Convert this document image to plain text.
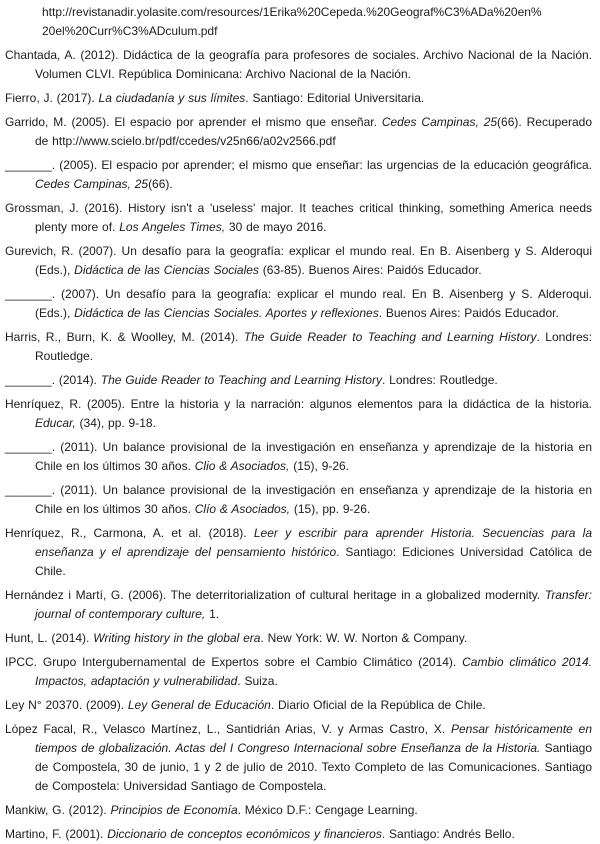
http://revistanadir.yolasite.com/resources/1Erika%20Cepeda.%20Geograf%C3%ADa%20en%
20el%20Curr%C3%ADculum.pdf

Chantada, A. (2012). Didáctica de la geografía para profesores de sociales. Archivo Nacional de la Nación. Volumen CLVI. República Dominicana: Archivo Nacional de la Nación.

Fierro, J. (2017). La ciudadanía y sus límites. Santiago: Editorial Universitaria.

Garrido, M. (2005). El espacio por aprender el mismo que enseñar. Cedes Campinas, 25(66). Recuperado de http://www.scielo.br/pdf/ccedes/v25n66/a02v2566.pdf

_______. (2005). El espacio por aprender; el mismo que enseñar: las urgencias de la educación geográfica. Cedes Campinas, 25(66).

Grossman, J. (2016). History isn't a 'useless' major. It teaches critical thinking, something America needs plenty more of. Los Angeles Times, 30 de mayo 2016.

Gurevich, R. (2007). Un desafío para la geografía: explicar el mundo real. En B. Aisenberg y S. Alderoqui (Eds.), Didáctica de las Ciencias Sociales (63-85). Buenos Aires: Paidós Educador.

_______. (2007). Un desafío para la geografía: explicar el mundo real. En B. Aisenberg y S. Alderoqui. (Eds.), Didáctica de las Ciencias Sociales. Aportes y reflexiones. Buenos Aires: Paidós Educador.

Harris, R., Burn, K. & Woolley, M. (2014). The Guide Reader to Teaching and Learning History. Londres: Routledge.

_______. (2014). The Guide Reader to Teaching and Learning History. Londres: Routledge.

Henríquez, R. (2005). Entre la historia y la narración: algunos elementos para la didáctica de la historia. Educar, (34), pp. 9-18.

_______. (2011). Un balance provisional de la investigación en enseñanza y aprendizaje de la historia en Chile en los últimos 30 años. Clio & Asociados, (15), 9-26.

_______. (2011). Un balance provisional de la investigación en enseñanza y aprendizaje de la historia en Chile en los últimos 30 años. Clío & Asociados, (15), pp. 9-26.

Henríquez, R., Carmona, A. et al. (2018). Leer y escribir para aprender Historia. Secuencias para la enseñanza y el aprendizaje del pensamiento histórico. Santiago: Ediciones Universidad Católica de Chile.

Hernández i Martí, G. (2006). The deterritorialization of cultural heritage in a globalized modernity. Transfer: journal of contemporary culture, 1.

Hunt, L. (2014). Writing history in the global era. New York: W. W. Norton & Company.

IPCC. Grupo Intergubernamental de Expertos sobre el Cambio Climático (2014). Cambio climático 2014. Impactos, adaptación y vulnerabilidad. Suiza.

Ley N° 20370. (2009). Ley General de Educación. Diario Oficial de la República de Chile.

López Facal, R., Velasco Martínez, L., Santidrián Arias, V. y Armas Castro, X. Pensar históricamente en tiempos de globalización. Actas del I Congreso Internacional sobre Enseñanza de la Historia. Santiago de Compostela, 30 de junio, 1 y 2 de julio de 2010. Texto Completo de las Comunicaciones. Santiago de Compostela: Universidad Santiago de Compostela.

Mankiw, G. (2012). Principios de Economía. México D.F.: Cengage Learning.

Martino, F. (2001). Diccionario de conceptos económicos y financieros. Santiago: Andrés Bello.
